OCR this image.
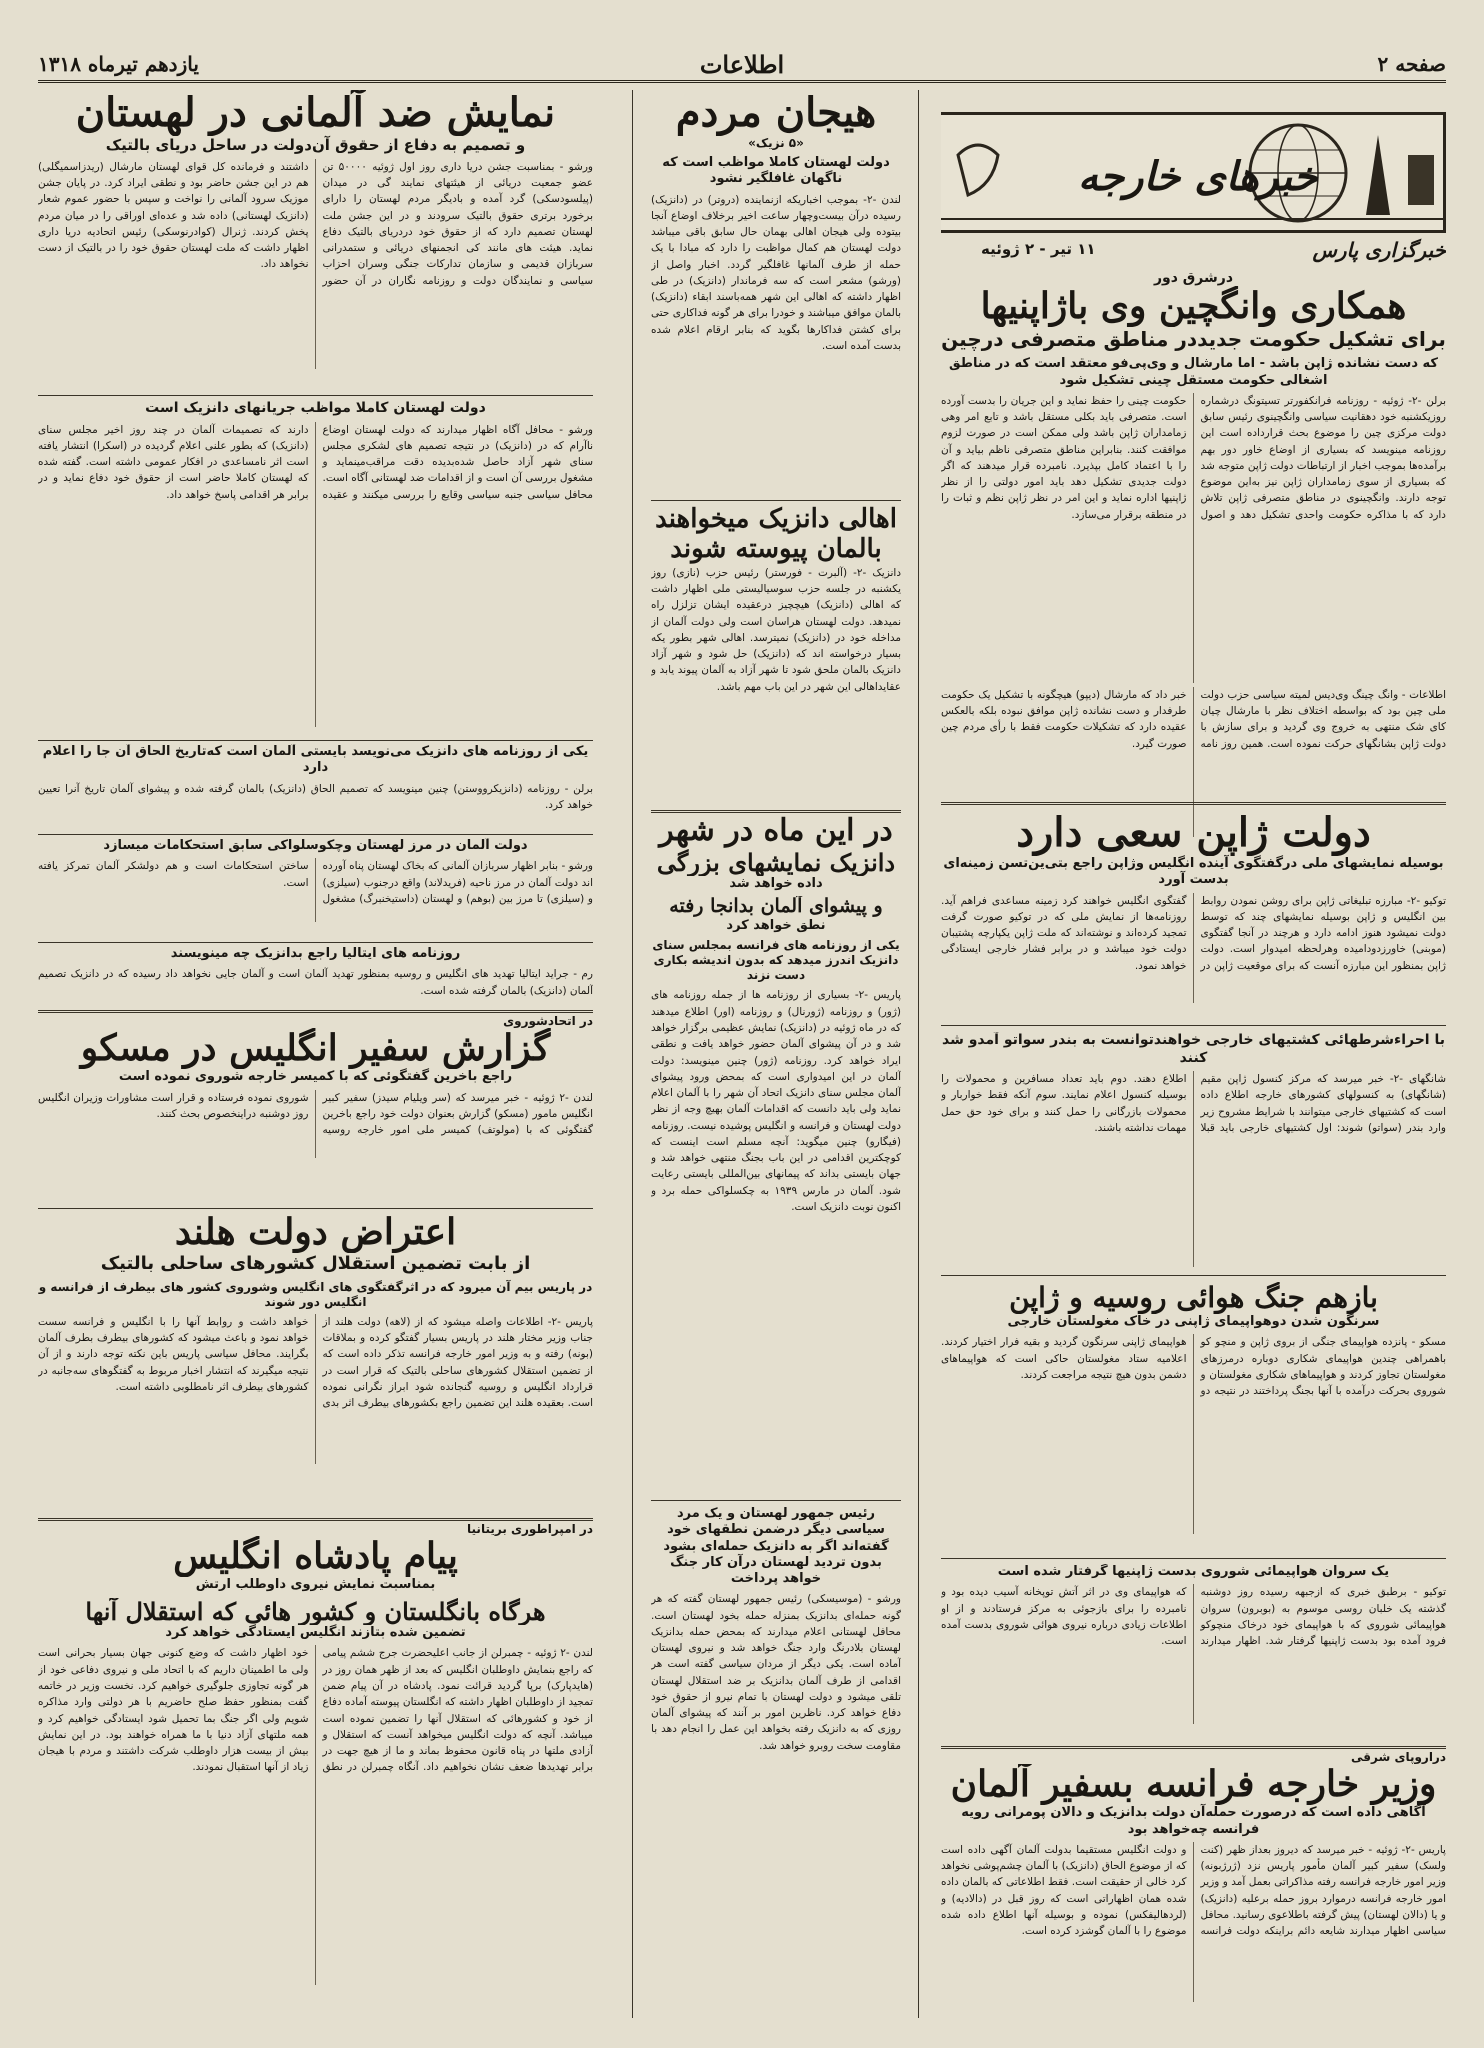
صفحه ۲
اطلاعات
یازدهم تیرماه ۱۳۱۸
خبرهای خارجه
خبرگزاری پارس
۱۱ تیر - ۲ ژوئیه
درشرق دور
همکاری وانگچین وی باژاپنیها
برای تشکیل حکومت جدیددر مناطق متصرفی درچین
که دست نشانده ژاپن باشد - اما مارشال و وی‌پی‌فو معتقد است که در مناطق اشغالی حکومت مستقل چینی تشکیل شود
برلن -۲- ژوئیه - روزنامه فرانکفورتر تسیتونگ درشماره روزیکشنبه خود دهقانیت سیاسی وانگچینوی رئیس سابق دولت مرکزی چین را موضوع بحث قرارداده است این روزنامه مینویسد که بسیاری از اوضاع خاور دور بهم برآمده‌ها بموجب اخبار از ارتباطات دولت ژاپن متوجه شد که بسیاری از سوی زمامداران ژاپن نیز به‌این موضوع توجه دارند. وانگچینوی در مناطق متصرفی ژاپن تلاش دارد که با مذاکره حکومت واحدی تشکیل دهد و اصول حکومت چینی را حفظ نماید و این جریان را بدست آورده است. متصرفی باید بکلی مستقل باشد و تابع امر وهی زمامداران ژاپن باشد ولی ممکن است در صورت لزوم موافقت کنند. بنابراین مناطق متصرفی ناظم بیاید و آن را با اعتماد کامل بپذیرد. نامبرده قرار میدهند که اگر دولت جدیدی تشکیل دهد باید امور دولتی را از نظر ژاپنیها اداره نماید و این امر در نظر ژاپن نظم و ثبات را در منطقه برقرار می‌سازد.
اطلاعات - وانگ چینگ وی‌دیس لمیته سیاسی حزب دولت ملی چین بود که بواسطه اختلاف نظر با مارشال چیان کای شک منتهی به خروج وی گردید و برای سازش با دولت ژاپن بشانگهای حرکت نموده است. همین روز نامه خبر داد که مارشال (دیپو) هیچگونه با تشکیل یک حکومت طرفدار و دست نشانده ژاپن موافق نبوده بلکه بالعکس عقیده دارد که تشکیلات حکومت فقط با رأی مردم چین صورت گیرد.
دولت ژاپن سعی دارد
بوسیله نمایشهای ملی درگفتگوی آینده انگلیس وژاپن راجع بتی‌ین‌تسن زمینه‌ای بدست آورد
توکیو -۲- مبارزه تبلیغاتی ژاپن برای روشن نمودن روابط بین انگلیس و ژاپن بوسیله نمایشهای چند که توسط دولت نمیشود هنوز ادامه دارد و هرچند در آنجا گفتگوی (موبنی) خاورزدودامیده وهرلحظه امیدوار است. دولت ژاپن بمنظور این مبارزه آنست که برای موقعیت ژاپن در گفتگوی انگلیس خواهند کرد زمینه مساعدی فراهم آید. روزنامه‌ها از نمایش ملی که در توکیو صورت گرفت تمجید کرده‌اند و نوشته‌اند که ملت ژاپن یکپارچه پشتیبان دولت خود میباشد و در برابر فشار خارجی ایستادگی خواهد نمود.
با احراءشرطهائی کشتیهای خارجی خواهندتوانست به بندر سواتو آمدو شد کنند
شانگهای -۲- خبر میرسد که مرکز کنسول ژاپن مقیم (شانگهای) به کنسولهای کشورهای خارجه اطلاع داده است که کشتیهای خارجی میتوانند با شرایط مشروح زیر وارد بندر (سواتو) شوند: اول کشتیهای خارجی باید قبلا اطلاع دهند. دوم باید تعداد مسافرین و محمولات را بوسیله کنسول اعلام نمایند. سوم آنکه فقط خواربار و محمولات بازرگانی را حمل کنند و برای خود حق حمل مهمات نداشته باشند.
بازهم جنگ هوائی روسیه و ژاپن
سرنگون شدن دوهواپیمای ژاپنی در خاک مغولستان خارجی
مسکو - پانزده هواپیمای جنگی از بروی ژاپن و منچو کو باهمراهی چندین هواپیمای شکاری دوباره درمرزهای مغولستان تجاوز کردند و هواپیماهای شکاری مغولستان و شوروی بحرکت درآمده با آنها بجنگ پرداختند در نتیجه دو هواپیمای ژاپنی سرنگون گردید و بقیه فرار اختیار کردند. اعلامیه ستاد مغولستان حاکی است که هواپیماهای دشمن بدون هیچ نتیجه مراجعت کردند.
یک سروان هواپیمائی شوروی بدست ژاپنیها گرفتار شده است
توکیو - برطبق خبری که ازجبهه رسیده روز دوشنبه گذشته یک خلبان روسی موسوم به (بوبرون) سروان هواپیمائی شوروی که با هواپیمای خود درخاک منچوکو فرود آمده بود بدست ژاپنیها گرفتار شد. اظهار میدارند که هواپیمای وی در اثر آتش توپخانه آسیب دیده بود و نامبرده را برای بازجوئی به مرکز فرستادند و از او اطلاعات زیادی درباره نیروی هوائی شوروی بدست آمده است.
دراروپای شرقی
وزیر خارجه فرانسه بسفیر آلمان
آگاهی داده است که درصورت حمله‌آن دولت بدانزیک و دالان پومرانی رویه فرانسه چه‌خواهد بود
پاریس -۲- ژوئیه - خبر میرسد که دیروز بعداز ظهر (کنت ولسک) سفیر کبیر آلمان مأمور پاریس نزد (ژرژبونه) وزیر امور خارجه فرانسه رفته مذاکراتی بعمل آمد و وزیر امور خارجه فرانسه درموارد بروز حمله برعلیه (دانزیک) و یا (دالان لهستان) پیش گرفته باطلاعوی رسانید. محافل سیاسی اظهار میدارند شایعه دائم براینکه دولت فرانسه و دولت انگلیس مستقیما بدولت آلمان آگهی داده است که از موضوع الحاق (دانزیک) با آلمان چشم‌پوشی نخواهد کرد خالی از حقیقت است. فقط اطلاعاتی که بالمان داده شده همان اظهاراتی است که روز قبل در (دالادیه) و (لردهالیفکس) نموده و بوسیله آنها اطلاع داده شده موضوع را با آلمان گوشزد کرده است.
هیجان مردم
«۵ نزیک»
دولت لهستان کاملا مواظب است که ناگهان غافلگیر نشود
لندن -۲- بموجب اخباریکه ازنماینده (دروتر) در (دانزیک) رسیده درآن بیست‌وچهار ساعت اخیر برخلاف اوضاع آنجا بیتوده ولی هیجان اهالی بهمان حال سابق باقی میباشد دولت لهستان هم کمال مواظبت را دارد که مبادا با یک حمله از طرف آلمانها غافلگیر گردد. اخبار واصل از (ورشو) مشعر است که سه فرماندار (دانزیک) در طی اظهار داشته که اهالی این شهر همه‌باسند ابقاء (دانزیک) بالمان موافق میباشند و خودرا برای هر گونه فداکاری حتی برای کشتن فداکارها بگوید که بنابر ارقام اعلام شده بدست آمده است.
اهالی دانزیک میخواهند بالمان پیوسته شوند
دانزیک -۲- (آلبرت - فورستر) رئیس حزب (نازی) روز یکشنبه در جلسه حزب سوسیالیستی ملی اظهار داشت که اهالی (دانزیک) هیچچیز درعقیده ایشان تزلزل راه نمیدهد. دولت لهستان هراسان است ولی دولت آلمان از مداخله خود در (دانزیک) نمیترسد. اهالی شهر بطور یکه بسیار درخواسته اند که (دانزیک) حل شود و شهر آزاد دانزیک بالمان ملحق شود تا شهر آزاد به آلمان پیوند یابد و عقایداهالی این شهر در این باب مهم باشد.
در این ماه در شهر
دانزیک نمایشهای بزرگی
داده خواهد شد
و پیشوای آلمان بدانجا رفته
نطق خواهد کرد
یکی از روزنامه های فرانسه بمجلس سنای دانزیک اندرز میدهد که بدون اندیشه بکاری دست نزند
پاریس -۲- بسیاری از روزنامه ها از جمله روزنامه های (ژور) و روزنامه (ژورنال) و روزنامه (اور) اطلاع میدهند که در ماه ژوئیه در (دانزیک) نمایش عظیمی برگزار خواهد شد و در آن پیشوای آلمان حضور خواهد یافت و نطقی ایراد خواهد کرد. روزنامه (ژور) چنین مینویسد: دولت آلمان در این امیدواری است که بمحض ورود پیشوای آلمان مجلس سنای دانزیک اتحاد آن شهر را با آلمان اعلام نماید ولی باید دانست که اقدامات آلمان بهیچ وجه از نظر دولت لهستان و فرانسه و انگلیس پوشیده نیست. روزنامه (فیگارو) چنین میگوید: آنچه مسلم است اینست که کوچکترین اقدامی در این باب بجنگ منتهی خواهد شد و جهان بایستی بداند که پیمانهای بین‌المللی بایستی رعایت شود. آلمان در مارس ۱۹۳۹ به چکسلواکی حمله برد و اکنون نوبت دانزیک است.
رئیس جمهور لهستان و یک مرد سیاسی دیگر درضمن نطقهای خود گفته‌اند اگر به دانزیک حمله‌ای بشود بدون تردید لهستان درآن کار جنگ خواهد پرداخت
ورشو - (موسیسکی) رئیس جمهور لهستان گفته که هر گونه حمله‌ای بدانزیک بمنزله حمله بخود لهستان است. محافل لهستانی اعلام میدارند که بمحض حمله بدانزیک لهستان بلادرنگ وارد جنگ خواهد شد و نیروی لهستان آماده است. یکی دیگر از مردان سیاسی گفته است هر اقدامی از طرف آلمان بدانزیک بر ضد استقلال لهستان تلقی میشود و دولت لهستان با تمام نیرو از حقوق خود دفاع خواهد کرد. ناظرین امور بر آنند که پیشوای آلمان روزی که به دانزیک رفته بخواهد این عمل را انجام دهد با مقاومت سخت روبرو خواهد شد.
نمایش ضد آلمانی در لهستان
و تصمیم به دفاع از حقوق آن‌دولت در ساحل دریای بالتیک
ورشو - بمناسبت جشن دریا داری روز اول ژوئیه ۵۰۰۰۰ تن عضو جمعیت دریائی از هیئتهای نمایند گی در میدان (پیلسودسکی) گرد آمده و بادیگر مردم لهستان را دارای برخورد برتری حقوق بالتیک سرودند و در این جشن ملت لهستان تصمیم دارد که از حقوق خود دردریای بالتیک دفاع نماید. هیئت های مانند کی انجمنهای دریائی و ستمدرانی سربازان قدیمی و سازمان تدارکات جنگی وسران احزاب سیاسی و نمایندگان دولت و روزنامه نگاران در آن حضور داشتند و فرمانده کل قوای لهستان مارشال (ریدزاسمیگلی) هم در این جشن حاضر بود و نطقی ایراد کرد. در پایان جشن موزیک سرود آلمانی را نواخت و سپس با حضور عموم شعار (دانزیک لهستانی) داده شد و عده‌ای اوراقی را در میان مردم پخش کردند. ژنرال (کوادرنوسکی) رئیس اتحادیه دریا داری اظهار داشت که ملت لهستان حقوق خود را در بالتیک از دست نخواهد داد.
دولت لهستان کاملا مواظب جریانهای دانزیک است
ورشو - محافل آگاه اظهار میدارند که دولت لهستان اوضاع ناآرام که در (دانزیک) در نتیجه تصمیم های لشکری مجلس سنای شهر آزاد حاصل شده‌بدیده دقت مراقب‌مینماید و مشغول بررسی آن است و از اقدامات ضد لهستانی آگاه است. محافل سیاسی جنبه سیاسی وقایع را بررسی میکنند و عقیده دارند که تصمیمات آلمان در چند روز اخیر مجلس سنای (دانزیک) که بطور علنی اعلام گردیده در (اسکرا) انتشار یافته است اثر نامساعدی در افکار عمومی داشته است. گفته شده که لهستان کاملا حاضر است از حقوق خود دفاع نماید و در برابر هر اقدامی پاسخ خواهد داد.
یکی از روزنامه های دانزیک می‌نویسد بایستی آلمان است که‌تاریخ الحاق آن جا را اعلام دارد
برلن - روزنامه (دانزیکرووستن) چنین مینویسد که تصمیم الحاق (دانزیک) بالمان گرفته شده و پیشوای آلمان تاریخ آنرا تعیین خواهد کرد.
دولت آلمان در مرز لهستان وچکوسلواکی سابق استحکامات میسازد
ورشو - بنابر اظهار سربازان آلمانی که بخاک لهستان پناه آورده اند دولت آلمان در مرز ناحیه (فریدلاند) واقع درجنوب (سیلزی) و (سیلزی) تا مرز بین (بوهم) و لهستان (داستیخنبرگ) مشغول ساختن استحکامات است و هم دولشکر آلمان تمرکز یافته است.
روزنامه های ایتالیا راجع بدانزیک چه مینویسند
رم - جراید ایتالیا تهدید های انگلیس و روسیه بمنظور تهدید آلمان است و آلمان جایی نخواهد داد رسیده که در دانزیک تصمیم آلمان (دانزیک) بالمان گرفته شده است.
در اتحادشوروی
گزارش سفیر انگلیس در مسکو
راجع باخرین گفتگوئی که با کمیسر خارجه شوروی نموده است
لندن -۲ ژوئیه - خبر میرسد که (سر ویلیام سیدز) سفیر کبیر انگلیس مامور (مسکو) گزارش بعنوان دولت خود راجع باخرین گفتگوئی که با (مولوتف) کمیسر ملی امور خارجه روسیه شوروی نموده فرستاده و قرار است مشاورات وزیران انگلیس روز دوشنبه دراینخصوص بحث کنند.
اعتراض دولت هلند
از بابت تضمین استقلال کشورهای ساحلی بالتیک
در پاریس بیم آن میرود که در اثرگفتگوی های انگلیس وشوروی کشور های بیطرف از فرانسه و انگلیس دور شوند
پاریس -۲- اطلاعات واصله میشود که از (لاهه) دولت هلند از جناب وزیر مختار هلند در پاریس بسیار گفتگو کرده و بملاقات (بونه) رفته و به وزیر امور خارجه فرانسه تذکر داده است که از تضمین استقلال کشورهای ساحلی بالتیک که قرار است در قرارداد انگلیس و روسیه گنجانده شود ابراز نگرانی نموده است. بعقیده هلند این تضمین راجع بکشورهای بیطرف اثر بدی خواهد داشت و روابط آنها را با انگلیس و فرانسه سست خواهد نمود و باعث میشود که کشورهای بیطرف بطرف آلمان بگرایند. محافل سیاسی پاریس باین نکته توجه دارند و از آن نتیجه میگیرند که انتشار اخبار مربوط به گفتگوهای سه‌جانبه در کشورهای بیطرف اثر نامطلوبی داشته است.
در امپراطوری بریتانیا
پیام پادشاه انگلیس
بمناسبت نمایش نیروی داوطلب ارتش
هرگاه بانگلستان و کشور هائی که استقلال آنها
تضمین شده بتازند انگلیس ایستادگی خواهد کرد
لندن -۲ ژوئیه - چمبرلن از جانب اعلیحضرت جرج ششم پیامی که راجع بنمایش داوطلبان انگلیس که بعد از ظهر همان روز در (هایدپارک) برپا گردید قرائت نمود. پادشاه در آن پیام ضمن تمجید از داوطلبان اظهار داشته که انگلستان پیوسته آماده دفاع از خود و کشورهائی که استقلال آنها را تضمین نموده است میباشد. آنچه که دولت انگلیس میخواهد آنست که استقلال و آزادی ملتها در پناه قانون محفوظ بماند و ما از هیچ جهت در برابر تهدیدها ضعف نشان نخواهیم داد. آنگاه چمبرلن در نطق خود اظهار داشت که وضع کنونی جهان بسیار بحرانی است ولی ما اطمینان داریم که با اتحاد ملی و نیروی دفاعی خود از هر گونه تجاوزی جلوگیری خواهیم کرد. نخست وزیر در خاتمه گفت بمنظور حفظ صلح حاضریم با هر دولتی وارد مذاکره شویم ولی اگر جنگ بما تحمیل شود ایستادگی خواهیم کرد و همه ملتهای آزاد دنیا با ما همراه خواهند بود. در این نمایش بیش از بیست هزار داوطلب شرکت داشتند و مردم با هیجان زیاد از آنها استقبال نمودند.
